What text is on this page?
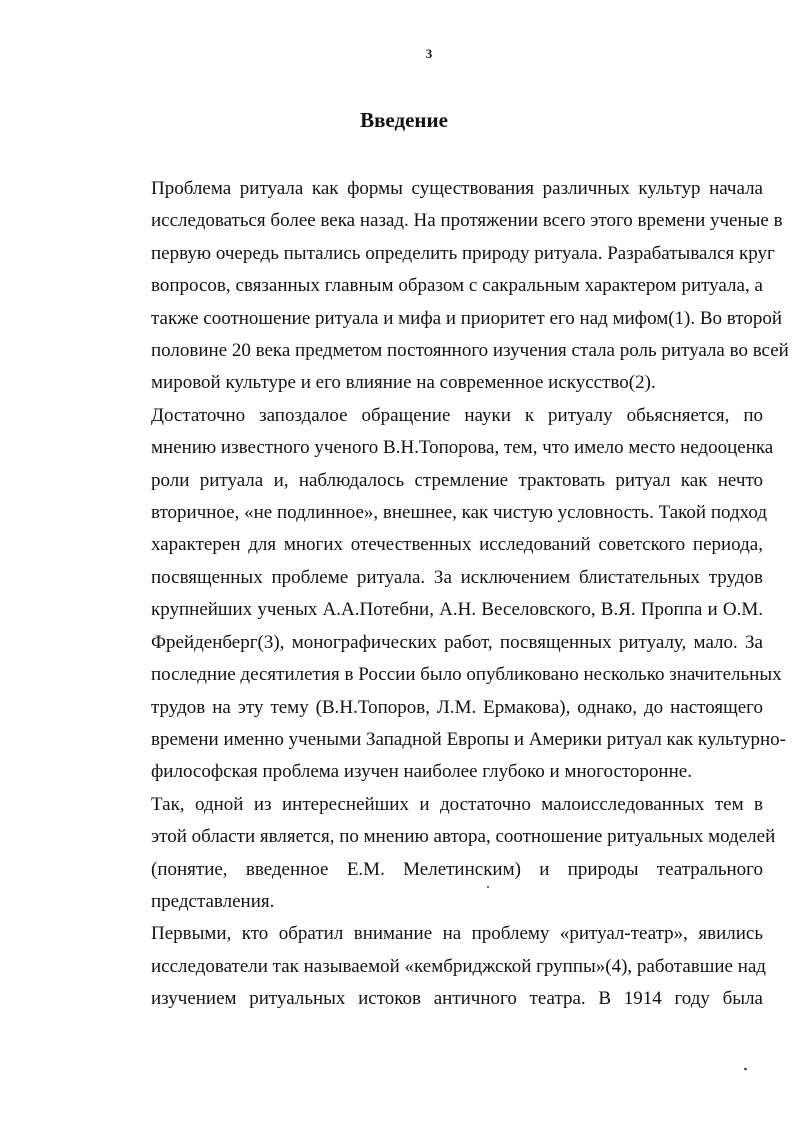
3
Введение

Проблема ритуала как формы существования различных культур начала
исследоваться более века назад. На протяжении всего этого времени ученые в
первую очередь пытались определить природу ритуала. Разрабатывался круг
вопросов, связанных главным образом с сакральным характером ритуала, а
также соотношение ритуала и мифа и приоритет его над мифом(1). Во второй
половине 20 века предметом постоянного изучения стала роль ритуала во всей
мировой культуре и его влияние на современное искусство(2).

Достаточно запоздалое обращение науки к ритуалу обьясняется, по
мнению известного ученого В.Н.Топорова, тем, что имело место недооценка
роли ритуала и, наблюдалось стремление трактовать ритуал как нечто
вторичное, «не подлинное», внешнее, как чистую условность. Такой подход
характерен для многих отечественных исследований советского периода,
посвященных проблеме ритуала. За исключением блистательных трудов
крупнейших ученых А.А.Потебни, А.Н. Веселовского, В.Я. Проппа и О.М.
Фрейденберг(3), монографических работ, посвященных ритуалу, мало. За
последние десятилетия в России было опубликовано несколько значительных
трудов на эту тему (В.Н.Топоров, Л.М. Ермакова), однако, до настоящего
времени именно учеными Западной Европы и Америки ритуал как культурно-
философская проблема изучен наиболее глубоко и многосторонне.

Так, одной из интереснейших и достаточно малоисследованных тем в
этой области является, по мнению автора, соотношение ритуальных моделей
(понятие, введенное Е.М. Мелетинским) и природы театрального
представления.

Первыми, кто обратил внимание на проблему «ритуал-театр», явились
исследователи так называемой «кембриджской группы»(4), работавшие над
изучением ритуальных истоков античного театра. В 1914 году была
